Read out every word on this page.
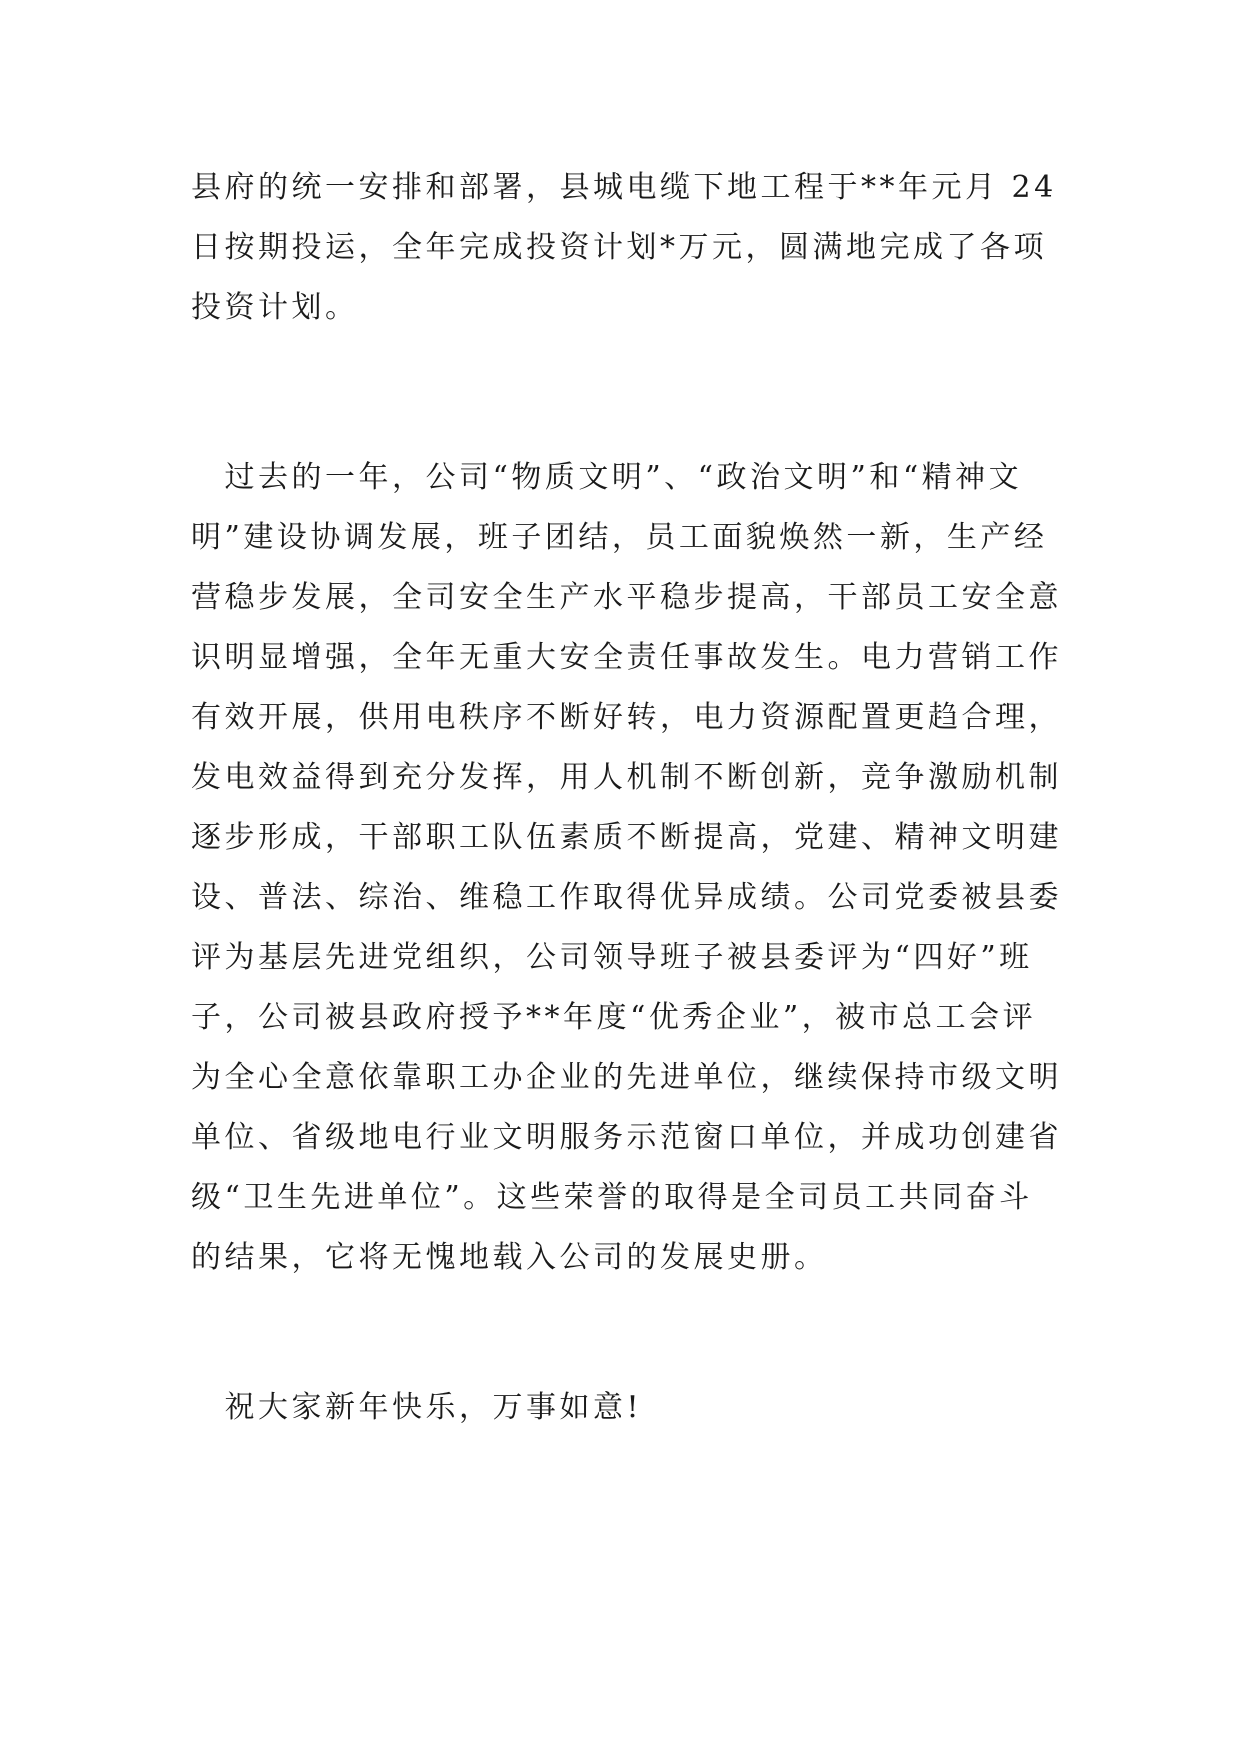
县府的统一安排和部署，县城电缆下地工程于**年元月 24
日按期投运，全年完成投资计划*万元，圆满地完成了各项
投资计划。
　过去的一年，公司“物质文明”、“政治文明”和“精神文
明”建设协调发展，班子团结，员工面貌焕然一新，生产经
营稳步发展，全司安全生产水平稳步提高，干部员工安全意
识明显增强，全年无重大安全责任事故发生。电力营销工作
有效开展，供用电秩序不断好转，电力资源配置更趋合理，
发电效益得到充分发挥，用人机制不断创新，竞争激励机制
逐步形成，干部职工队伍素质不断提高，党建、精神文明建
设、普法、综治、维稳工作取得优异成绩。公司党委被县委
评为基层先进党组织，公司领导班子被县委评为“四好”班
子，公司被县政府授予**年度“优秀企业”，被市总工会评
为全心全意依靠职工办企业的先进单位，继续保持市级文明
单位、省级地电行业文明服务示范窗口单位，并成功创建省
级“卫生先进单位”。这些荣誉的取得是全司员工共同奋斗
的结果，它将无愧地载入公司的发展史册。
　祝大家新年快乐，万事如意!
